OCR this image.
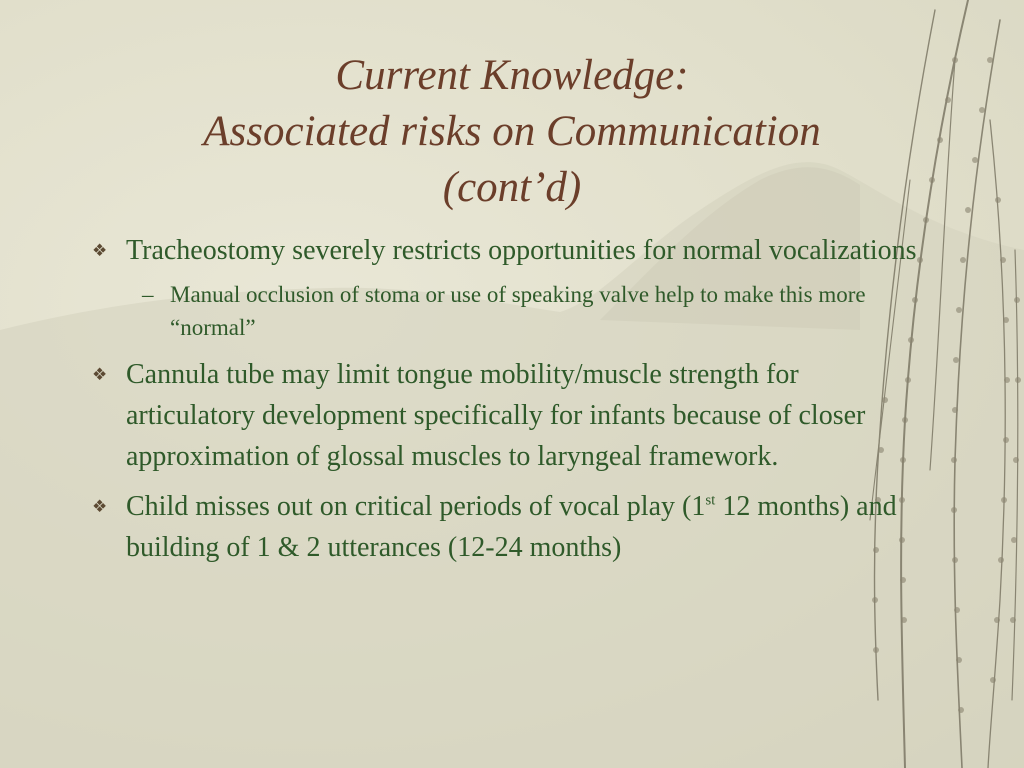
Current Knowledge:
Associated risks on Communication
(cont’d)
❖ Tracheostomy severely restricts opportunities for normal vocalizations
– Manual occlusion of stoma or use of speaking valve help to make this more “normal”
❖ Cannula tube may limit tongue mobility/muscle strength for articulatory development specifically for infants because of closer approximation of glossal muscles to laryngeal framework.
❖ Child misses out on critical periods of vocal play (1st 12 months) and building of 1 & 2 utterances (12-24 months)
